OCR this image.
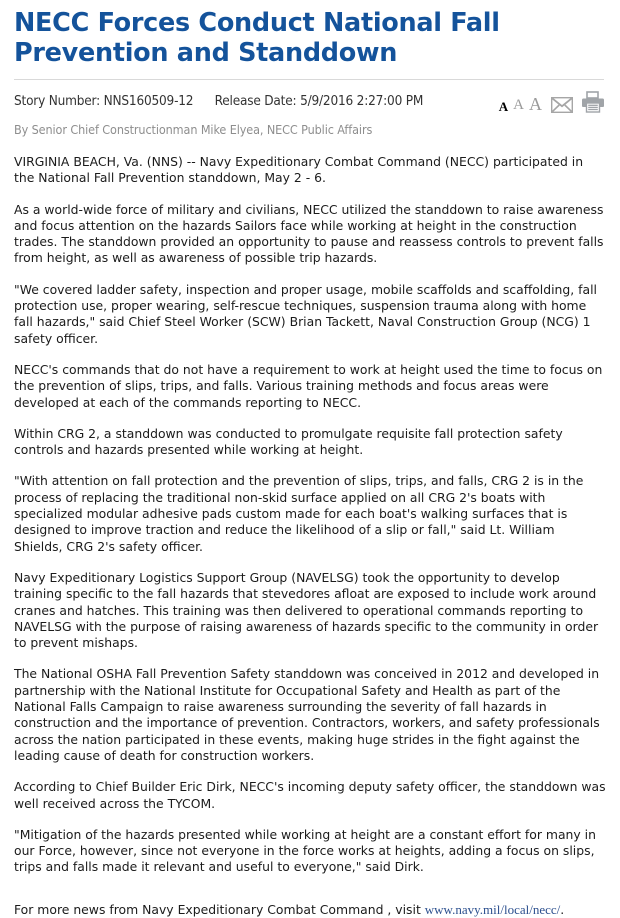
NECC Forces Conduct National Fall Prevention and Standdown
Story Number: NNS160509-12 Release Date: 5/9/2016 2:27:00 PM	A A A
By Senior Chief Constructionman Mike Elyea, NECC Public Affairs

VIRGINIA BEACH, Va. (NNS) -- Navy Expeditionary Combat Command (NECC) participated in the National Fall Prevention standdown, May 2 - 6.

As a world-wide force of military and civilians, NECC utilized the standdown to raise awareness and focus attention on the hazards Sailors face while working at height in the construction trades. The standdown provided an opportunity to pause and reassess controls to prevent falls from height, as well as awareness of possible trip hazards.

"We covered ladder safety, inspection and proper usage, mobile scaffolds and scaffolding, fall protection use, proper wearing, self-rescue techniques, suspension trauma along with home fall hazards," said Chief Steel Worker (SCW) Brian Tackett, Naval Construction Group (NCG) 1 safety officer.

NECC's commands that do not have a requirement to work at height used the time to focus on the prevention of slips, trips, and falls. Various training methods and focus areas were developed at each of the commands reporting to NECC.

Within CRG 2, a standdown was conducted to promulgate requisite fall protection safety controls and hazards presented while working at height.

"With attention on fall protection and the prevention of slips, trips, and falls, CRG 2 is in the process of replacing the traditional non-skid surface applied on all CRG 2's boats with specialized modular adhesive pads custom made for each boat's walking surfaces that is designed to improve traction and reduce the likelihood of a slip or fall," said Lt. William Shields, CRG 2's safety officer.

Navy Expeditionary Logistics Support Group (NAVELSG) took the opportunity to develop training specific to the fall hazards that stevedores afloat are exposed to include work around cranes and hatches. This training was then delivered to operational commands reporting to NAVELSG with the purpose of raising awareness of hazards specific to the community in order to prevent mishaps.

The National OSHA Fall Prevention Safety standdown was conceived in 2012 and developed in partnership with the National Institute for Occupational Safety and Health as part of the National Falls Campaign to raise awareness surrounding the severity of fall hazards in construction and the importance of prevention. Contractors, workers, and safety professionals across the nation participated in these events, making huge strides in the fight against the leading cause of death for construction workers.

According to Chief Builder Eric Dirk, NECC's incoming deputy safety officer, the standdown was well received across the TYCOM.

"Mitigation of the hazards presented while working at height are a constant effort for many in our Force, however, since not everyone in the force works at heights, adding a focus on slips, trips and falls made it relevant and useful to everyone," said Dirk.

For more news from Navy Expeditionary Combat Command , visit www.navy.mil/local/necc/.
